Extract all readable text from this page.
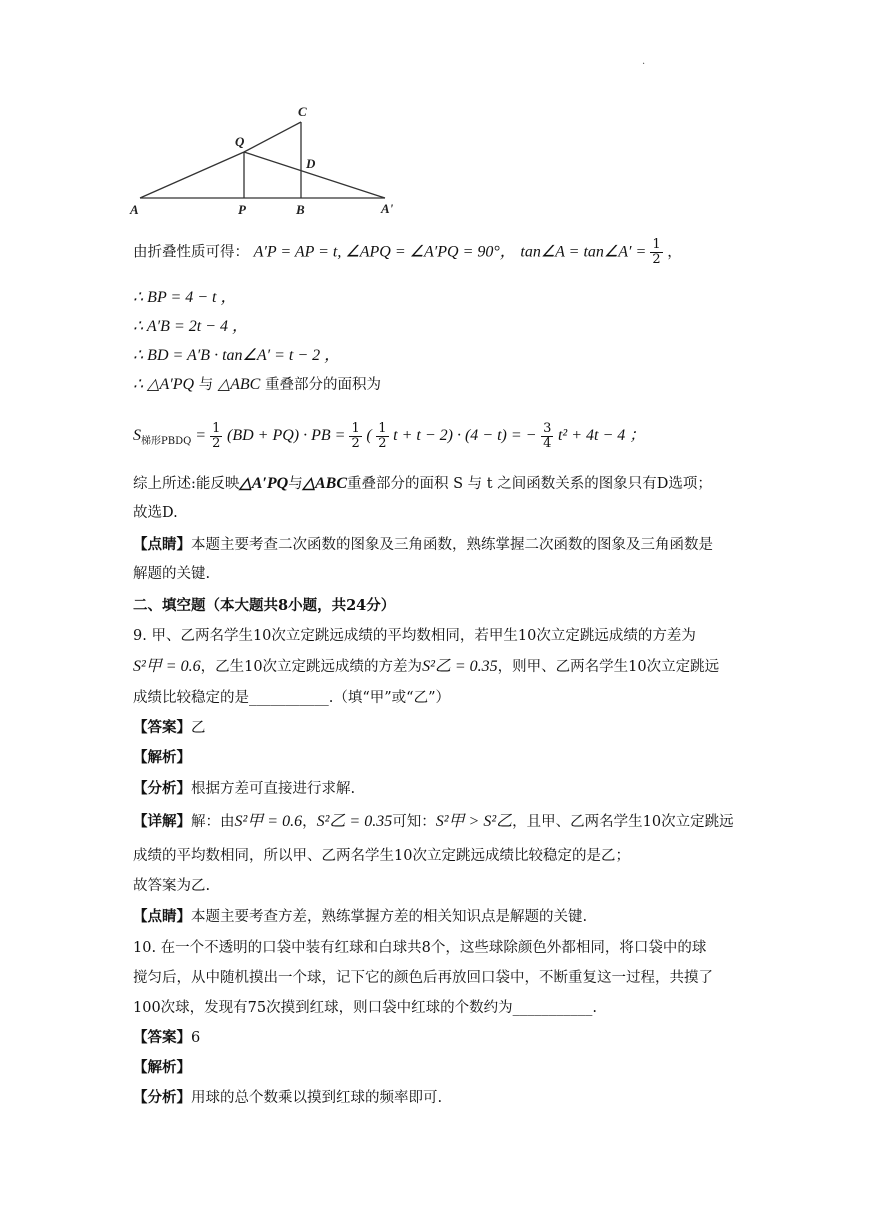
.
A	P	B	A'
Q
C
D
由折叠性质可得： A′P = AP = t, ∠APQ = ∠A′PQ = 90°， tan∠A = tan∠A′ = $\frac{1}{2}$ ，
∴ BP = 4 − t ，
∴ A′B = 2t − 4 ，
∴ BD = A′B · tan∠A′ = t − 2 ，
∴ △A′PQ 与 △ABC 重叠部分的面积为
$S_{梯形PBDQ} = \frac{1}{2} (BD + PQ)$ · PB = $\frac{1}{2}$ ( $\frac{1}{2}$ t + t − 2) · (4 − t) = − $\frac{3}{4} t^2 + 4t - 4$ ；
综上所述:能反映△A′PQ与△ABC重叠部分的面积 S 与 t 之间函数关系的图象只有D选项；
故选D.
【点睛】本题主要考查二次函数的图象及三角函数，熟练掌握二次函数的图象及三角函数是
解题的关键.
二、填空题（本大题共8小题，共24分）
9. 甲、乙两名学生10次立定跳远成绩的平均数相同，若甲生10次立定跳远成绩的方差为
S²甲 = 0.6，乙生10次立定跳远成绩的方差为S²乙 = 0.35，则甲、乙两名学生10次立定跳远
成绩比较稳定的是___________.（填“甲”或“乙”）
【答案】乙
【解析】
【分析】根据方差可直接进行求解.
【详解】解：由S²甲 = 0.6，S²乙 = 0.35可知：S²甲 > S²乙，且甲、乙两名学生10次立定跳远
成绩的平均数相同，所以甲、乙两名学生10次立定跳远成绩比较稳定的是乙；
故答案为乙.
【点睛】本题主要考查方差，熟练掌握方差的相关知识点是解题的关键.
10. 在一个不透明的口袋中装有红球和白球共8个，这些球除颜色外都相同，将口袋中的球
搅匀后，从中随机摸出一个球，记下它的颜色后再放回口袋中，不断重复这一过程，共摸了
100次球，发现有75次摸到红球，则口袋中红球的个数约为___________.
【答案】6
【解析】
【分析】用球的总个数乘以摸到红球的频率即可.
